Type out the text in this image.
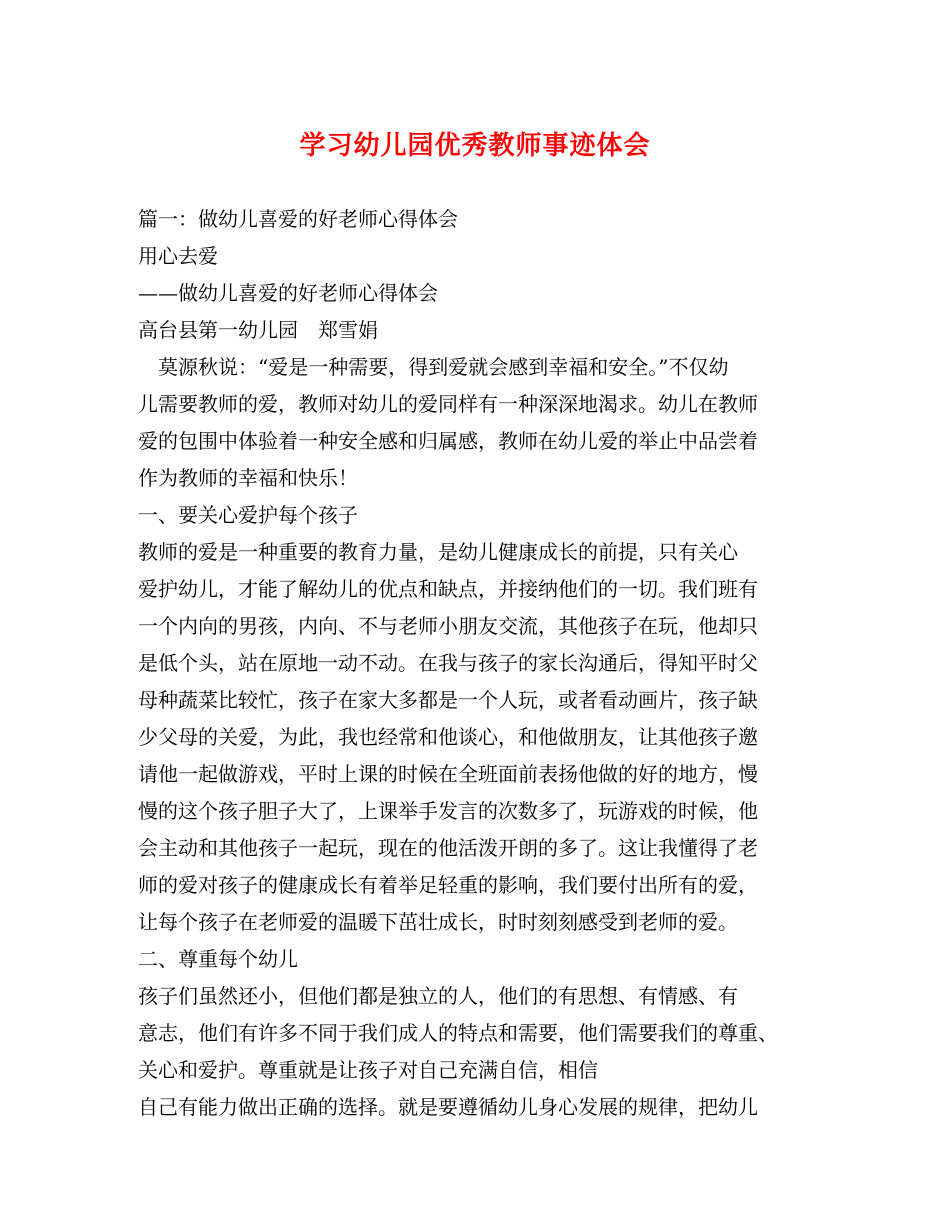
学习幼儿园优秀教师事迹体会

篇一：做幼儿喜爱的好老师心得体会

用心去爱

——做幼儿喜爱的好老师心得体会

高台县第一幼儿园　郑雪娟

　莫源秋说：“爱是一种需要，得到爱就会感到幸福和安全。”不仅幼

儿需要教师的爱，教师对幼儿的爱同样有一种深深地渴求。幼儿在教师

爱的包围中体验着一种安全感和归属感，教师在幼儿爱的举止中品尝着

作为教师的幸福和快乐！

一、要关心爱护每个孩子

教师的爱是一种重要的教育力量，是幼儿健康成长的前提，只有关心

爱护幼儿，才能了解幼儿的优点和缺点，并接纳他们的一切。我们班有

一个内向的男孩，内向、不与老师小朋友交流，其他孩子在玩，他却只

是低个头，站在原地一动不动。在我与孩子的家长沟通后，得知平时父

母种蔬菜比较忙，孩子在家大多都是一个人玩，或者看动画片，孩子缺

少父母的关爱，为此，我也经常和他谈心，和他做朋友，让其他孩子邀

请他一起做游戏，平时上课的时候在全班面前表扬他做的好的地方，慢

慢的这个孩子胆子大了，上课举手发言的次数多了，玩游戏的时候，他

会主动和其他孩子一起玩，现在的他活泼开朗的多了。这让我懂得了老

师的爱对孩子的健康成长有着举足轻重的影响，我们要付出所有的爱，

让每个孩子在老师爱的温暖下茁壮成长，时时刻刻感受到老师的爱。

二、尊重每个幼儿

孩子们虽然还小，但他们都是独立的人，他们的有思想、有情感、有

意志，他们有许多不同于我们成人的特点和需要，他们需要我们的尊重、

关心和爱护。尊重就是让孩子对自己充满自信，相信

自己有能力做出正确的选择。就是要遵循幼儿身心发展的规律，把幼儿
